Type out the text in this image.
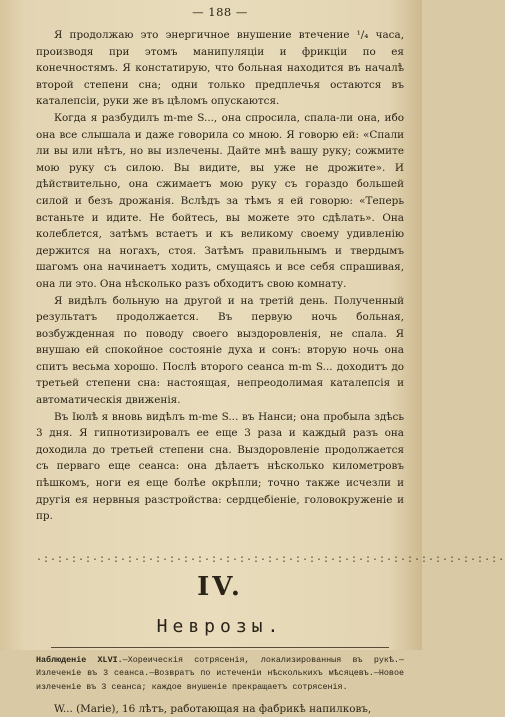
— 188 —

Я продолжаю это энергичное внушение втечение ¹/₄ часа, производя при этомъ манипуляціи и фрикціи по ея конечностямъ. Я констатирую, что больная находится въ началѣ второй степени сна; одни только предплечья остаются въ каталепсіи, руки же въ цѣломъ опускаются.

Когда я разбудилъ m-me S..., она спросила, спала-ли она, ибо она все слышала и даже говорила со мною. Я говорю ей: «Спали ли вы или нѣтъ, но вы излечены. Дайте мнѣ вашу руку; сожмите мою руку съ силою. Вы видите, вы уже не дрожите». И дѣйствительно, она сжимаетъ мою руку съ гораздо большей силой и безъ дрожанія. Вслѣдъ за тѣмъ я ей говорю: «Теперь встаньте и идите. Не бойтесь, вы можете это сдѣлать». Она колеблется, затѣмъ встаетъ и къ великому своему удивленію держится на ногахъ, стоя. Затѣмъ правильнымъ и твердымъ шагомъ она начинаетъ ходить, смущаясь и все себя спрашивая, она ли это. Она нѣсколько разъ обходитъ свою комнату.

Я видѣлъ больную на другой и на третій день. Полученный результатъ продолжается. Въ первую ночь больная, возбужденная по поводу своего выздоровленія, не спала. Я внушаю ей спокойное состояніе духа и сонъ: вторую ночь она спитъ весьма хорошо. Послѣ второго сеанса m-m S... доходитъ до третьей степени сна: настоящая, непреодолимая каталепсія и автоматическія движенія.

Въ Іюлѣ я вновь видѣлъ m-me S... въ Нанси; она пробыла здѣсь 3 дня. Я гипнотизировалъ ее еще 3 раза и каждый разъ она доходила до третьей степени сна. Выздоровленіе продолжается съ перваго еще сеанса: она дѣлаетъ нѣсколько километровъ пѣшкомъ, ноги ея еще болѣе окрѣпли; точно также исчезли и другія ея нервныя разстройства: сердцебіеніе, головокруженіе и пр.

·:·:·:·:·:·:·:·:·:·:·:·:·:·:·:·:·:·:·:·:·:·:·:·:·:·:·:·:·:·:·:·:·:·
IV.
Неврозы.

Наблюденіе XLVI.—Хореическія сотрясенія, локализированныя въ рукѣ.—Излеченіе въ 3 сеанса.—Возвратъ по истеченіи нѣсколькихъ мѣсяцевъ.—Новое излеченіе въ 3 сеанса; каждое внушеніе прекращаетъ сотрясенія.

W... (Marie), 16 лѣтъ, работающая на фабрикѣ напилковъ,
